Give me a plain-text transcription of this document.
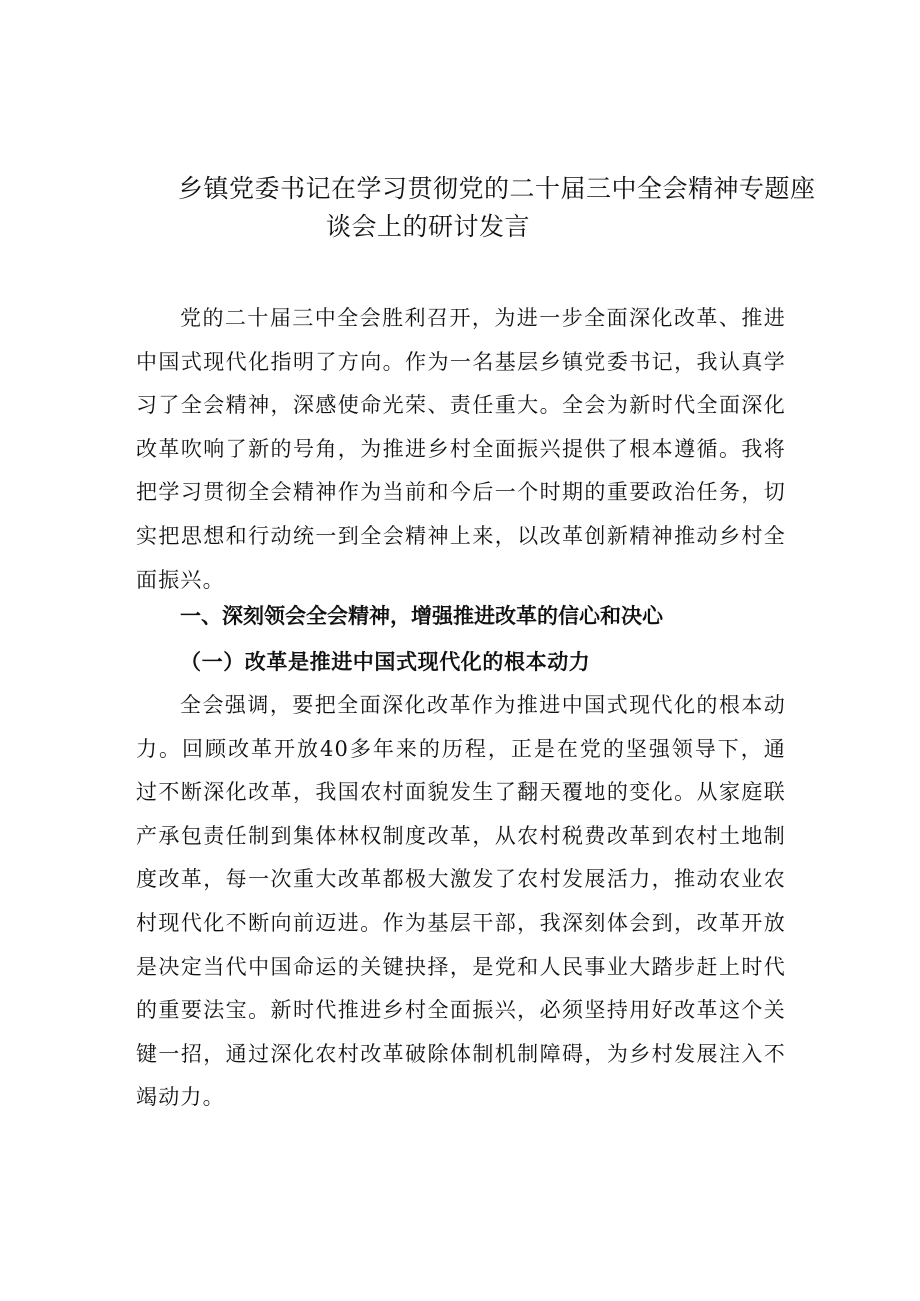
乡镇党委书记在学习贯彻党的二十届三中全会精神专题座
谈会上的研讨发言

党的二十届三中全会胜利召开，为进一步全面深化改革、推进中国式现代化指明了方向。作为一名基层乡镇党委书记，我认真学习了全会精神，深感使命光荣、责任重大。全会为新时代全面深化改革吹响了新的号角，为推进乡村全面振兴提供了根本遵循。我将把学习贯彻全会精神作为当前和今后一个时期的重要政治任务，切实把思想和行动统一到全会精神上来，以改革创新精神推动乡村全面振兴。

一、深刻领会全会精神，增强推进改革的信心和决心
（一）改革是推进中国式现代化的根本动力

全会强调，要把全面深化改革作为推进中国式现代化的根本动力。回顾改革开放40多年来的历程，正是在党的坚强领导下，通过不断深化改革，我国农村面貌发生了翻天覆地的变化。从家庭联产承包责任制到集体林权制度改革，从农村税费改革到农村土地制度改革，每一次重大改革都极大激发了农村发展活力，推动农业农村现代化不断向前迈进。作为基层干部，我深刻体会到，改革开放是决定当代中国命运的关键抉择，是党和人民事业大踏步赶上时代的重要法宝。新时代推进乡村全面振兴，必须坚持用好改革这个关键一招，通过深化农村改革破除体制机制障碍，为乡村发展注入不竭动力。
